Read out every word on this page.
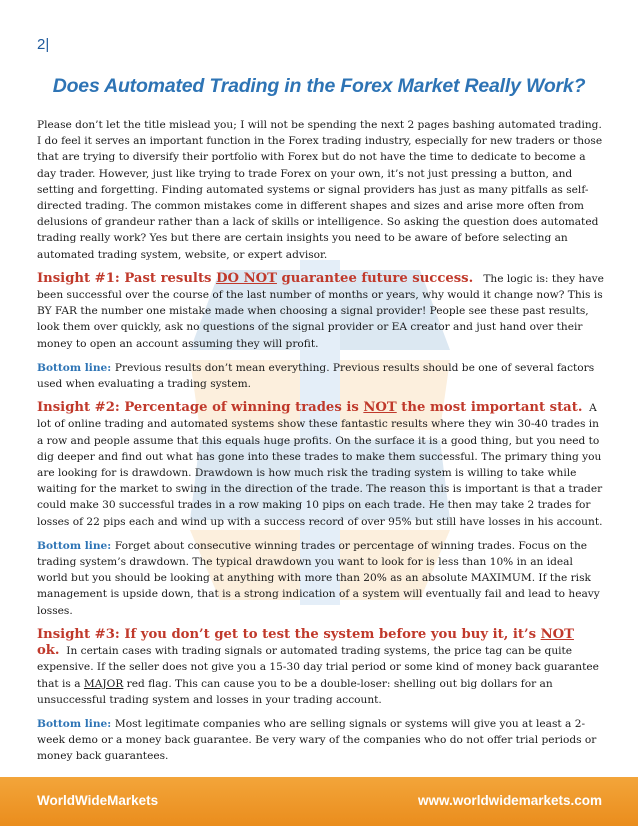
2|
Does Automated Trading in the Forex Market Really Work?

Please don’t let the title mislead you; I will not be spending the next 2 pages bashing automated trading. I do feel it serves an important function in the Forex trading industry, especially for new traders or those that are trying to diversify their portfolio with Forex but do not have the time to dedicate to become a day trader. However, just like trying to trade Forex on your own, it’s not just pressing a button, and setting and forgetting. Finding automated systems or signal providers has just as many pitfalls as self-directed trading. The common mistakes come in different shapes and sizes and arise more often from delusions of grandeur rather than a lack of skills or intelligence. So asking the question does automated trading really work? Yes but there are certain insights you need to be aware of before selecting an automated trading system, website, or expert advisor.

Insight #1: Past results DO NOT guarantee future success. The logic is: they have been successful over the course of the last number of months or years, why would it change now? This is BY FAR the number one mistake made when choosing a signal provider! People see these past results, look them over quickly, ask no questions of the signal provider or EA creator and just hand over their money to open an account assuming they will profit.

Bottom line: Previous results don’t mean everything. Previous results should be one of several factors used when evaluating a trading system.

Insight #2: Percentage of winning trades is NOT the most important stat. A lot of online trading and automated systems show these fantastic results where they win 30-40 trades in a row and people assume that this equals huge profits. On the surface it is a good thing, but you need to dig deeper and find out what has gone into these trades to make them successful. The primary thing you are looking for is drawdown. Drawdown is how much risk the trading system is willing to take while waiting for the market to swing in the direction of the trade. The reason this is important is that a trader could make 30 successful trades in a row making 10 pips on each trade. He then may take 2 trades for losses of 22 pips each and wind up with a success record of over 95% but still have losses in his account.

Bottom line: Forget about consecutive winning trades or percentage of winning trades. Focus on the trading system’s drawdown. The typical drawdown you want to look for is less than 10% in an ideal world but you should be looking at anything with more than 20% as an absolute MAXIMUM. If the risk management is upside down, that is a strong indication of a system will eventually fail and lead to heavy losses.

Insight #3: If you don’t get to test the system before you buy it, it’s NOT ok. In certain cases with trading signals or automated trading systems, the price tag can be quite expensive. If the seller does not give you a 15-30 day trial period or some kind of money back guarantee that is a MAJOR red flag. This can cause you to be a double-loser: shelling out big dollars for an unsuccessful trading system and losses in your trading account.

Bottom line: Most legitimate companies who are selling signals or systems will give you at least a 2-week demo or a money back guarantee. Be very wary of the companies who do not offer trial periods or money back guarantees.

WorldWideMarkets	www.worldwidemarkets.com
